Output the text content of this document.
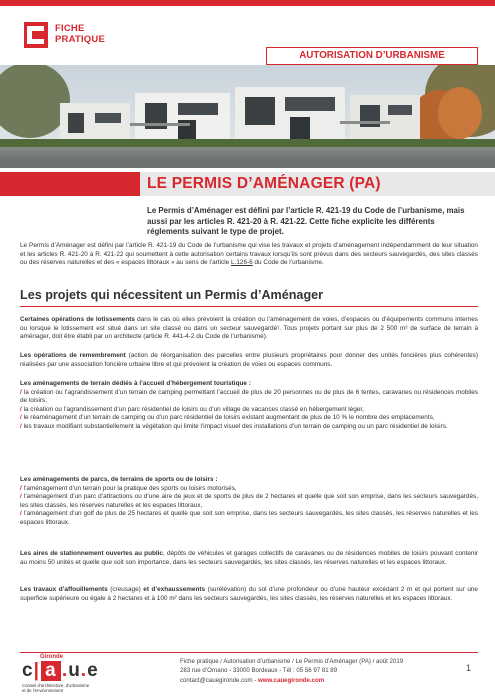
FICHE
PRATIQUE
AUTORISATION D’URBANISME
LE PERMIS D’AMÉNAGER (PA)
Le Permis d’Aménager est défini par l’article R. 421-19 du Code de l’urbanisme, mais aussi par les articles R. 421-20 à R. 421-22. Cette fiche explicite les différents réglements suivant le type de projet.
Le Permis d’Aménager est défini par l’article R. 421-19 du Code de l’urbanisme qui vise les travaux et projets d’aménagement indépendamment de leur situation et les articles R. 421-20 à R. 421-22 qui soumettent à cette autorisation certains travaux lorsqu’ils sont prévus dans des secteurs sauvegardés, des sites classés ou des réserves naturelles et des « espaces littoraux » au sens de l’article L.126-6 du Code de l’urbanisme.
Les projets qui nécessitent un Permis d’Aménager
Certaines opérations de lotissements dans le cas où elles prévoient la création ou l’aménagement de voies, d’espaces ou d’équipements communs internes ou lorsque le lotissement est situé dans un site classé ou dans un secteur sauvegardé¹. Tous projets portant sur plus de 2 500 m² de surface de terrain à aménager, doit être établi par un architecte (article R. 441-4-2 du Code de l’urbanisme).
Les opérations de remembrement (action de réorganisation des parcelles entre plusieurs propriétaires pour donner des unités foncières plus cohérentes) réalisées par une association foncière urbaine libre et qui prévoient la création de voies ou espaces communs.
Les aménagements de terrain dédiés à l’accueil d’hébergement touristique :
/ la création ou l’agrandissement d’un terrain de camping permettant l’accueil de plus de 20 personnes ou de plus de 6 tentes, caravanes ou résidences mobiles de loisirs,
/ la création ou l’agrandissement d’un parc résidentiel de loisirs ou d’un village de vacances classé en hébergement léger,
/ le réaménagement d’un terrain de camping ou d’un parc résidentiel de loisirs existant augmentant de plus de 10 % le nombre des emplacements,
/ les travaux modifiant substantiellement la végétation qui limite l’impact visuel des installations d’un terrain de camping ou un parc résidentiel de loisirs.
Les aménagements de parcs, de terrains de sports ou de loisirs :
/ l’aménagement d’un terrain pour la pratique des sports ou loisirs motorisés,
/ l’aménagement d’un parc d’attractions ou d’une aire de jeux et de sports de plus de 2 hectares et quelle que soit son emprise, dans les secteurs sauvegardés, les sites classés, les réserves naturelles et les espaces littoraux,
/ l’aménagement d’un golf de plus de 25 hectares et quelle que soit son emprise, dans les secteurs sauvegardés, les sites classés, les réserves naturelles et les espaces littoraux.
Les aires de stationnement ouvertes au public, dépôts de véhicules et garages collectifs de caravanes ou de résidences mobiles de loisirs pouvant contenir au moins 50 unités et quelle que soit son importance, dans les secteurs sauvegardés, les sites classés, les réserves naturelles et les espaces littoraux.
Les travaux d’affouillements (creusage) et d’exhaussements (surélévation) du sol d’une profondeur ou d’une hauteur excédant 2 m et qui portent sur une superficie supérieure ou égale à 2 hectares et à 100 m² dans les secteurs sauvegardés, les sites classés, les réserves naturelles et les espaces littoraux.
Gironde
c| a .u.e
Conseil d’architecture, d’urbanisme
et de l’environnement
Fiche pratique / Autorisation d’urbanisme / Le Permis d’Aménager (PA) / août 2019
283 rue d’Ornano - 33000 Bordeaux - Tél : 05 56 97 81 89
contact@cauegironde.com - www.cauegironde.com
1
